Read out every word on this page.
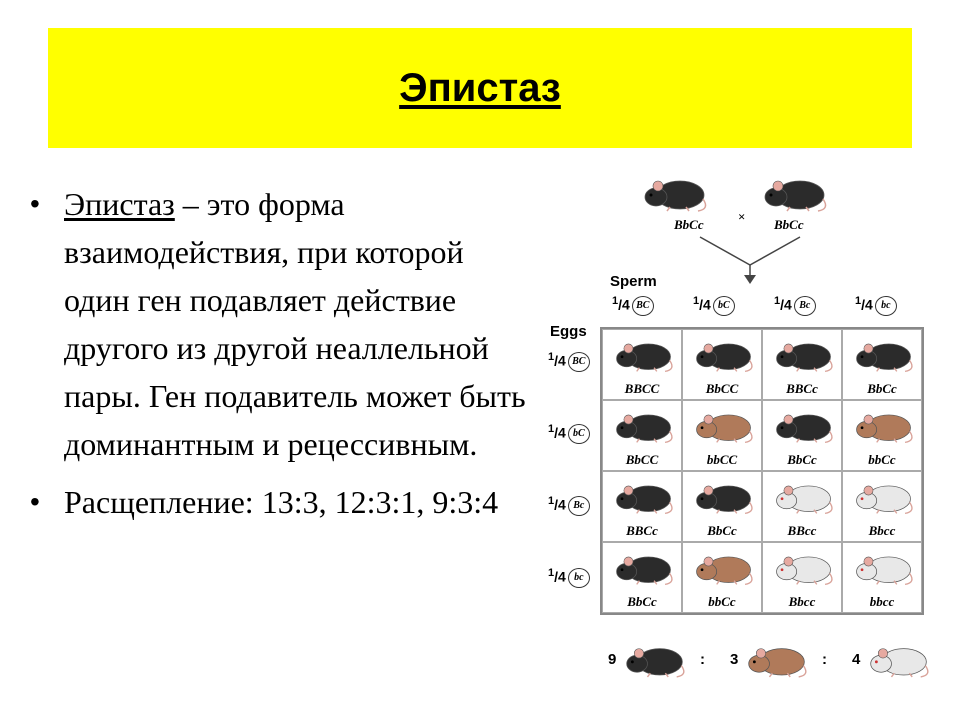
Эпистаз
• Эпистаз – это форма взаимодействия, при которой один ген подавляет действие другого из другой неаллельной пары. Ген подавитель может быть доминантным и рецессивным.
• Расщепление: 13:3, 12:3:1, 9:3:4
BbCc
×
BbCc
Sperm
Eggs
BBCC	BbCC	BBCc	BbCc
BbCC	bbCC	BbCc	bbCc
BBCc	BbCc	BBcc	Bbcc
BbCc	bbCc	Bbcc	bbcc
1/4 BC
1/4 BC
1/4 bC
1/4 bC
1/4 Bc
1/4 Bc
1/4 bc
1/4 bc
9	: 3	: 4
